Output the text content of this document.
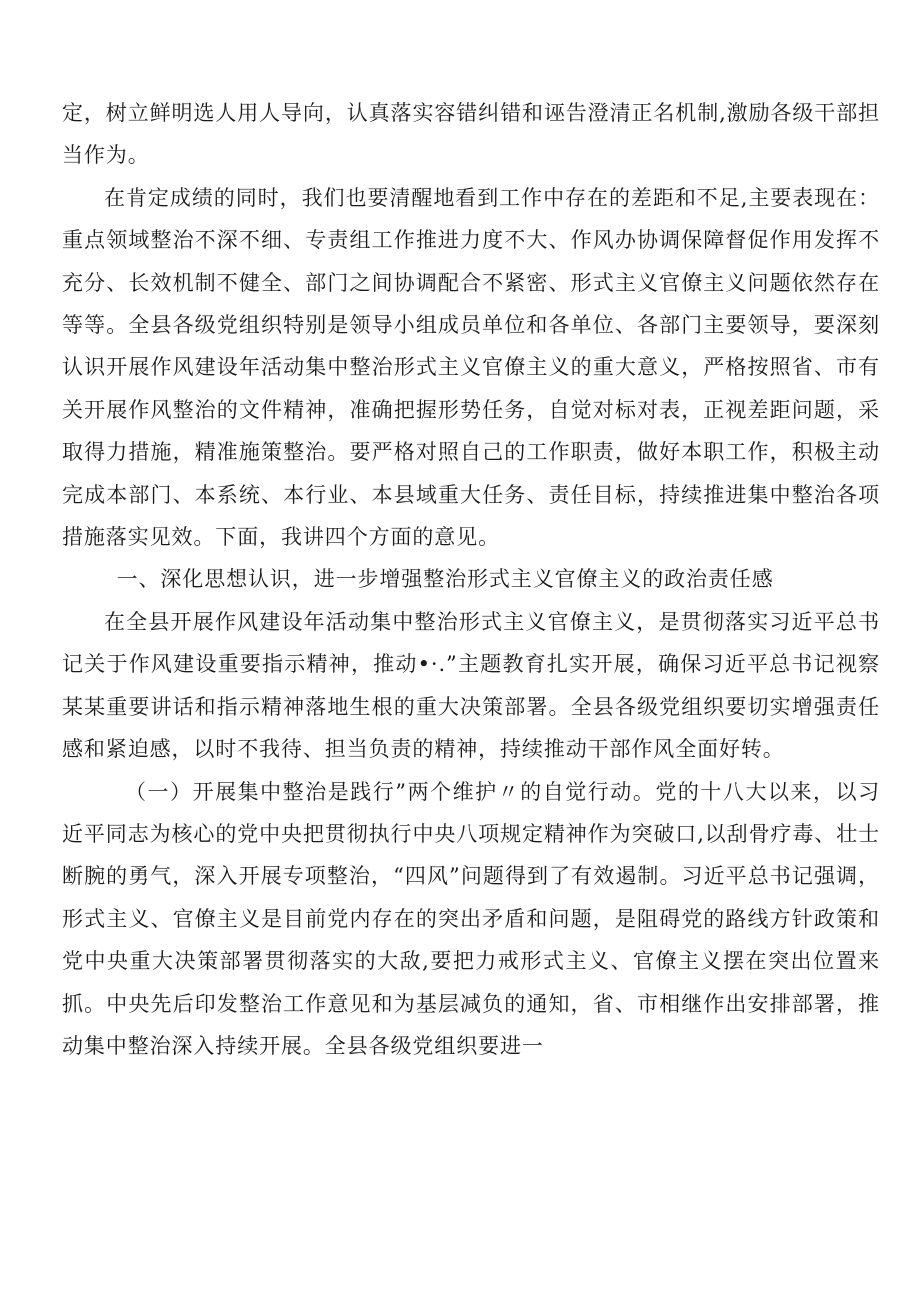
定，树立鲜明选人用人导向，认真落实容错纠错和诬告澄清正名机制,激励各级干部担当作为。

在肯定成绩的同时，我们也要清醒地看到工作中存在的差距和不足,主要表现在：重点领域整治不深不细、专责组工作推进力度不大、作风办协调保障督促作用发挥不充分、长效机制不健全、部门之间协调配合不紧密、形式主义官僚主义问题依然存在等等。全县各级党组织特别是领导小组成员单位和各单位、各部门主要领导，要深刻认识开展作风建设年活动集中整治形式主义官僚主义的重大意义，严格按照省、市有关开展作风整治的文件精神，准确把握形势任务，自觉对标对表，正视差距问题，采取得力措施，精准施策整治。要严格对照自己的工作职责，做好本职工作，积极主动完成本部门、本系统、本行业、本县域重大任务、责任目标，持续推进集中整治各项措施落实见效。下面，我讲四个方面的意见。

一、深化思想认识，进一步增强整治形式主义官僚主义的政治责任感

在全县开展作风建设年活动集中整治形式主义官僚主义，是贯彻落实习近平总书记关于作风建设重要指示精神，推动•·.”主题教育扎实开展，确保习近平总书记视察某某重要讲话和指示精神落地生根的重大决策部署。全县各级党组织要切实增强责任感和紧迫感，以时不我待、担当负责的精神，持续推动干部作风全面好转。

（一）开展集中整治是践行”两个维护〃的自觉行动。党的十八大以来，以习近平同志为核心的党中央把贯彻执行中央八项规定精神作为突破口,以刮骨疗毒、壮士断腕的勇气，深入开展专项整治，“四风”问题得到了有效遏制。习近平总书记强调，形式主义、官僚主义是目前党内存在的突出矛盾和问题，是阻碍党的路线方针政策和党中央重大决策部署贯彻落实的大敌,要把力戒形式主义、官僚主义摆在突出位置来抓。中央先后印发整治工作意见和为基层减负的通知，省、市相继作出安排部署，推动集中整治深入持续开展。全县各级党组织要进一
